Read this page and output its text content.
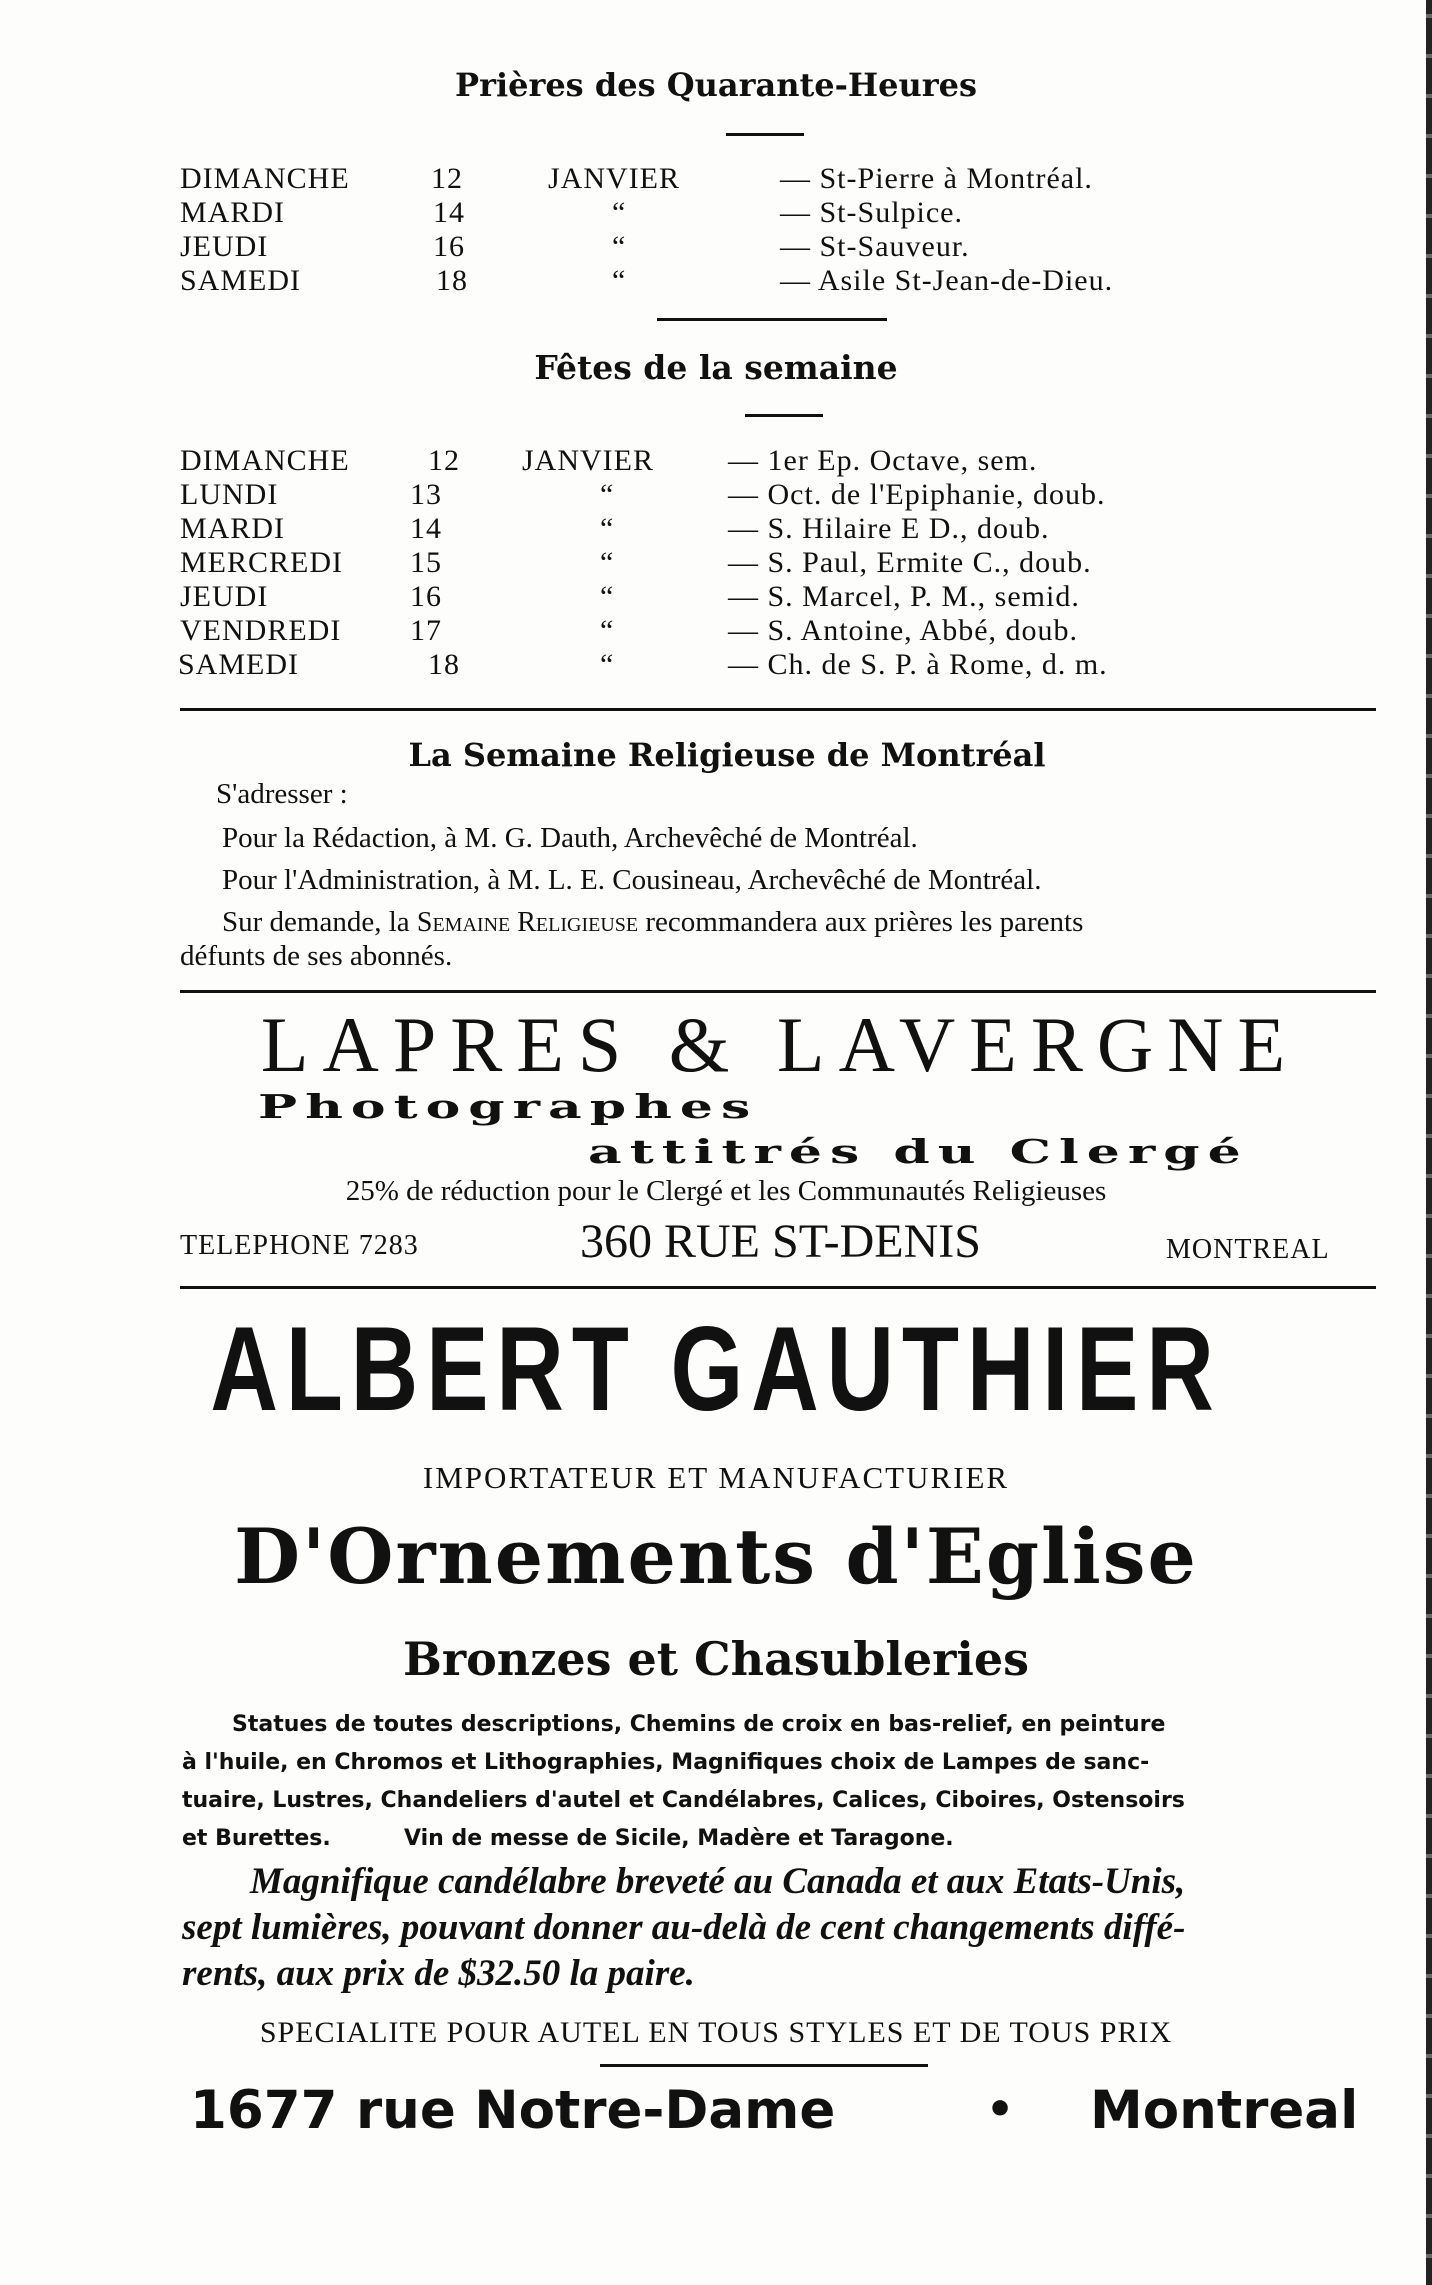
Prières des Quarante-Heures
DIMANCHE	12	JANVIER	— St-Pierre à Montréal.
MARDI	14	“	— St-Sulpice.
JEUDI	16	“	— St-Sauveur.
SAMEDI	18	“	— Asile St-Jean-de-Dieu.
Fêtes de la semaine
DIMANCHE	12 JANVIER — 1er Ep. Octave, sem.
LUNDI	13	“	— Oct. de l'Epiphanie, doub.
MARDI	14	“	— S. Hilaire E D., doub.
MERCREDI 15	“	— S. Paul, Ermite C., doub.
JEUDI	16	“	— S. Marcel, P. M., semid.
VENDREDI 17	“	— S. Antoine, Abbé, doub.
SAMEDI	18	“	— Ch. de S. P. à Rome, d. m.
La Semaine Religieuse de Montréal
S'adresser :
Pour la Rédaction, à M. G. Dauth, Archevêché de Montréal.
Pour l'Administration, à M. L. E. Cousineau, Archevêché de Montréal.
Sur demande, la Semaine Religieuse recommandera aux prières les parents
défunts de ses abonnés.
LAPRES & LAVERGNE
Photographes
attitrés du Clergé
25% de réduction pour le Clergé et les Communautés Religieuses
TELEPHONE 7283	360 RUE ST-DENIS	MONTREAL
ALBERT GAUTHIER
IMPORTATEUR ET MANUFACTURIER
D'Ornements d'Eglise
Bronzes et Chasubleries
Statues de toutes descriptions, Chemins de croix en bas-relief, en peinture
à l'huile, en Chromos et Lithographies, Magnifiques choix de Lampes de sanc-
tuaire, Lustres, Chandeliers d'autel et Candélabres, Calices, Ciboires, Ostensoirs
et Burettes.	Vin de messe de Sicile, Madère et Taragone.
Magnifique candélabre breveté au Canada et aux Etats-Unis,
sept lumières, pouvant donner au-delà de cent changements diffé-
rents, aux prix de $32.50 la paire.
SPECIALITE POUR AUTEL EN TOUS STYLES ET DE TOUS PRIX
1677 rue Notre-Dame	• Montreal
